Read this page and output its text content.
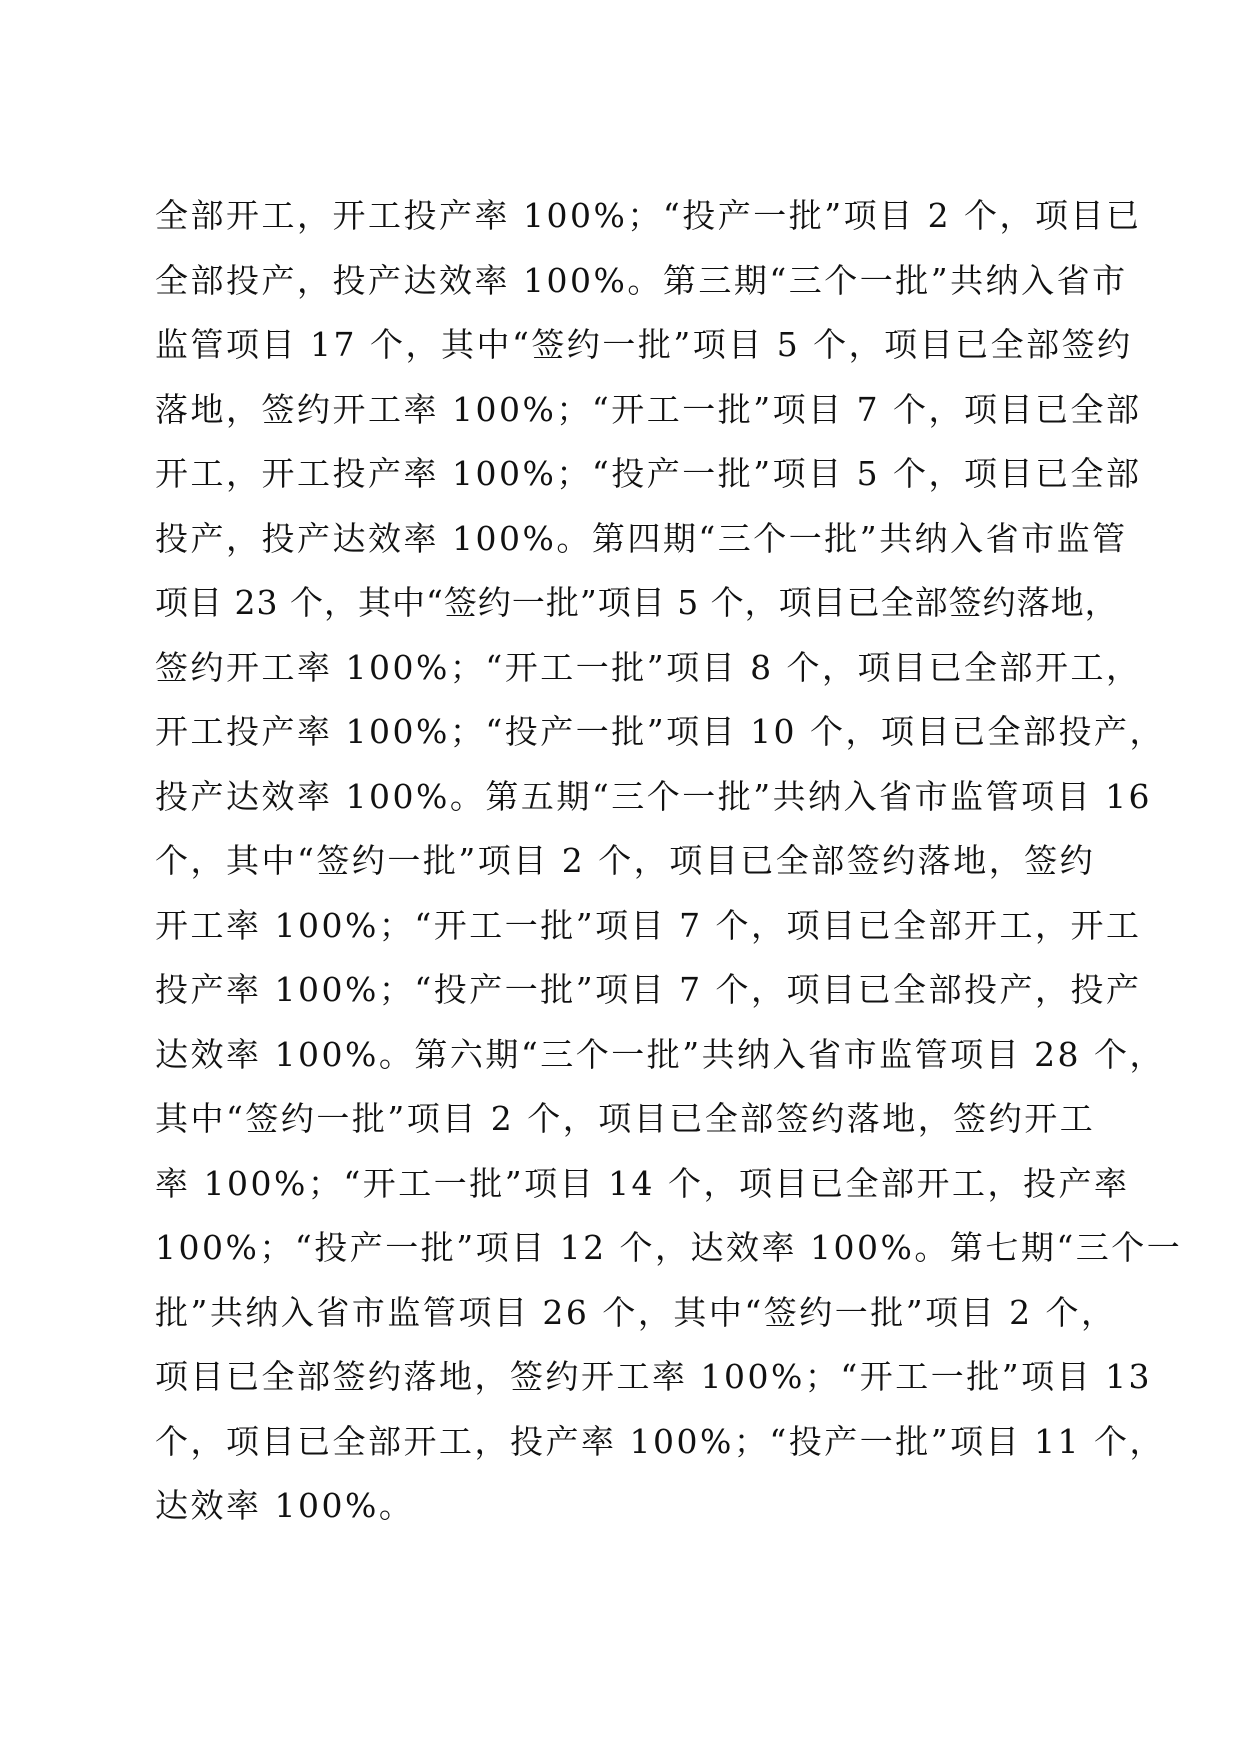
全部开工，开工投产率 100%；“投产一批”项目 2 个，项目已
全部投产，投产达效率 100%。第三期“三个一批”共纳入省市
监管项目 17 个，其中“签约一批”项目 5 个，项目已全部签约
落地，签约开工率 100%；“开工一批”项目 7 个，项目已全部
开工，开工投产率 100%；“投产一批”项目 5 个，项目已全部
投产，投产达效率 100%。第四期“三个一批”共纳入省市监管
项目 23 个，其中“签约一批”项目 5 个，项目已全部签约落地，
签约开工率 100%；“开工一批”项目 8 个，项目已全部开工，
开工投产率 100%；“投产一批”项目 10 个，项目已全部投产，
投产达效率 100%。第五期“三个一批”共纳入省市监管项目 16
个，其中“签约一批”项目 2 个，项目已全部签约落地，签约
开工率 100%；“开工一批”项目 7 个，项目已全部开工，开工
投产率 100%；“投产一批”项目 7 个，项目已全部投产，投产
达效率 100%。第六期“三个一批”共纳入省市监管项目 28 个，
其中“签约一批”项目 2 个，项目已全部签约落地，签约开工
率 100%；“开工一批”项目 14 个，项目已全部开工，投产率
100%；“投产一批”项目 12 个，达效率 100%。第七期“三个一
批”共纳入省市监管项目 26 个，其中“签约一批”项目 2 个，
项目已全部签约落地，签约开工率 100%；“开工一批”项目 13
个，项目已全部开工，投产率 100%；“投产一批”项目 11 个，
达效率 100%。
